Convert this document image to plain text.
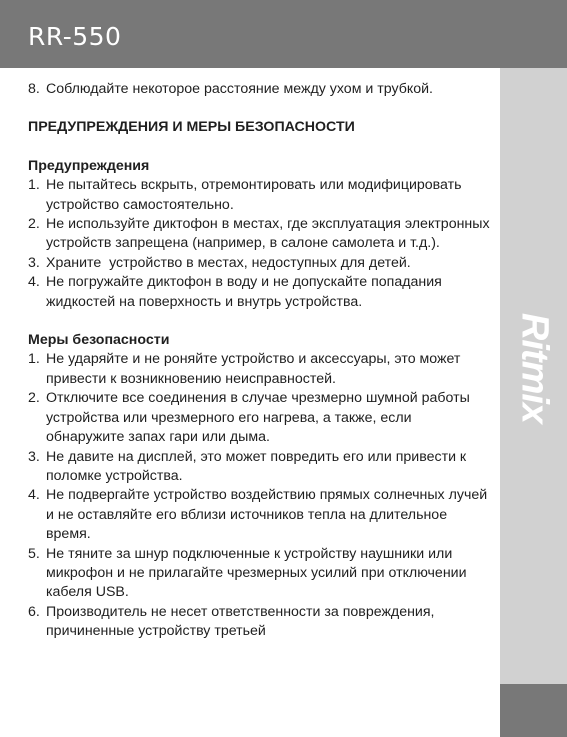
RR-550
Ritmix

8. Соблюдайте некоторое расстояние между ухом и трубкой.

ПРЕДУПРЕЖДЕНИЯ И МЕРЫ БЕЗОПАСНОСТИ
Предупреждения

1. Не пытайтесь вскрыть, отремонтировать или модифицировать устройство самостоятельно.

2. Не используйте диктофон в местах, где эксплуатация электронных устройств запрещена (например, в салоне самолета и т.д.).

3. Храните  устройство в местах, недоступных для детей.

4. Не погружайте диктофон в воду и не допускайте попадания жидкостей на поверхность и внутрь устройства.

Меры безопасности

1. Не ударяйте и не роняйте устройство и аксессуары, это может привести к возникновению неисправностей.

2. Отключите все соединения в случае чрезмерно шумной работы устройства или чрезмерного его нагрева, а также, если обнаружите запах гари или дыма.

3. Не давите на дисплей, это может повредить его или привести к поломке устройства.

4. Не подвергайте устройство воздействию прямых солнечных лучей и не оставляйте его вблизи источников тепла на длительное время.

5. Не тяните за шнур подключенные к устройству наушники или микрофон и не прилагайте чрезмерных усилий при отключении кабеля USB.

6. Производитель не несет ответственности за повреждения, причиненные устройству третьей
